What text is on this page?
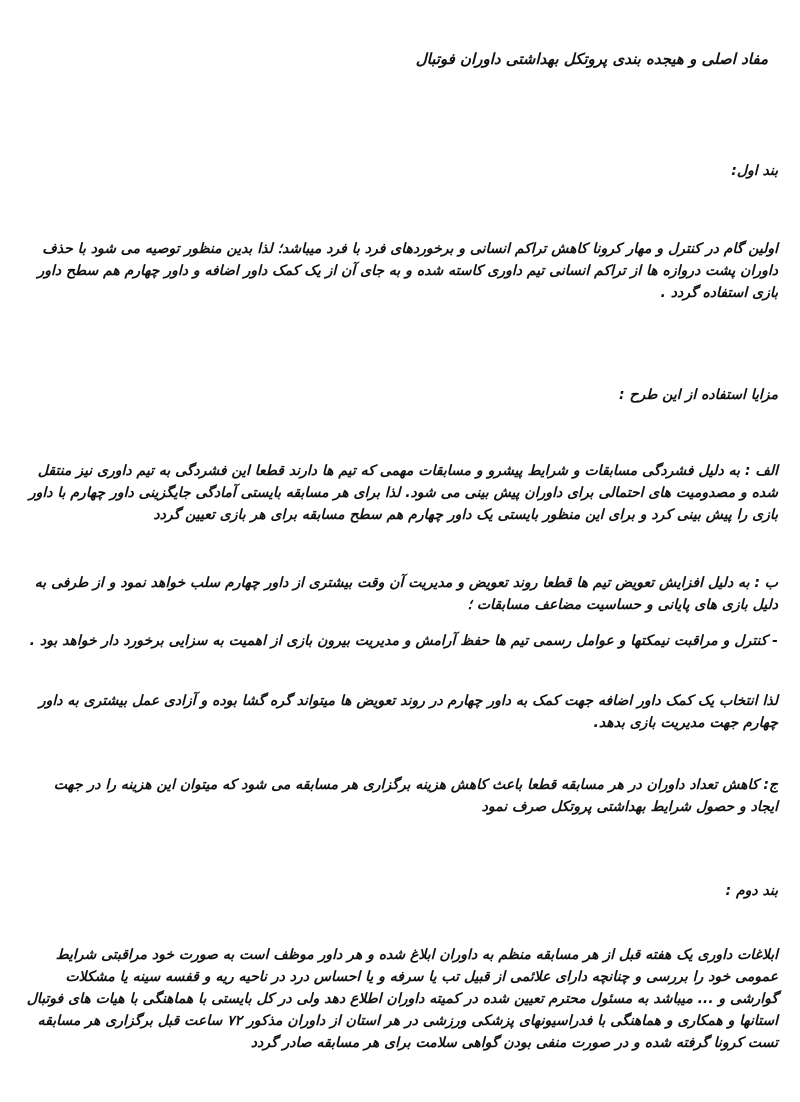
مفاد اصلی و هیجده بندی پروتکل بهداشتی داوران فوتبال
بند اول:
اولین گام در کنترل و مهار کرونا کاهش تراکم انسانی و برخوردهای فرد با فرد میباشد؛ لذا بدین منظور توصیه می شود با حذف داوران پشت دروازه ها از تراکم انسانی تیم داوری کاسته شده و به جای آن از یک کمک داور اضافه و داور چهارم هم سطح داور بازی استفاده گردد .
مزایا استفاده از این طرح :
الف : به دلیل فشردگی مسابقات و شرایط پیشرو و مسابقات مهمی که تیم ها دارند قطعا این فشردگی به تیم داوری نیز منتقل شده و مصدومیت های احتمالی برای داوران پیش بینی می شود. لذا برای هر مسابقه بایستی آمادگی جایگزینی داور چهارم با داور بازی را پیش بینی کرد و برای این منظور بایستی یک داور چهارم هم سطح مسابقه برای هر بازی تعیین گردد
ب : به دلیل افزایش تعویض تیم ها قطعا روند تعویض و مدیریت آن وقت بیشتری از داور چهارم سلب خواهد نمود و از طرفی به دلیل بازی های پایانی و حساسیت مضاعف مسابقات ؛
- کنترل و مراقبت نیمکتها و عوامل رسمی تیم ها حفظ آرامش و مدیریت بیرون بازی از اهمیت به سزایی برخورد دار خواهد بود .
لذا انتخاب یک کمک داور اضافه جهت کمک به داور چهارم در روند تعویض ها میتواند گره گشا بوده و آزادی عمل بیشتری به داور چهارم جهت مدیریت بازی بدهد.
ج: کاهش تعداد داوران در هر مسابقه قطعا باعث کاهش هزینه برگزاری هر مسابقه می شود که میتوان این هزینه را در جهت ایجاد و حصول شرایط بهداشتی پروتکل صرف نمود
بند دوم :
ابلاغات داوری یک هفته قبل از هر مسابقه منظم به داوران ابلاغ شده و هر داور موظف است به صورت خود مراقبتی شرایط عمومی خود را بررسی و چنانچه دارای علائمی از قبیل تب یا سرفه و یا احساس درد در ناحیه ریه و قفسه سینه یا مشکلات گوارشی و ... میباشد به مسئول محترم تعیین شده در کمیته داوران اطلاع دهد ولی در کل بایستی با هماهنگی با هیات های فوتبال استانها و همکاری و هماهنگی با فدراسیونهای پزشکی ورزشی در هر استان از داوران مذکور ۷۲ ساعت قبل برگزاری هر مسابقه تست کرونا گرفته شده و در صورت منفی بودن گواهی سلامت برای هر مسابقه صادر گردد
